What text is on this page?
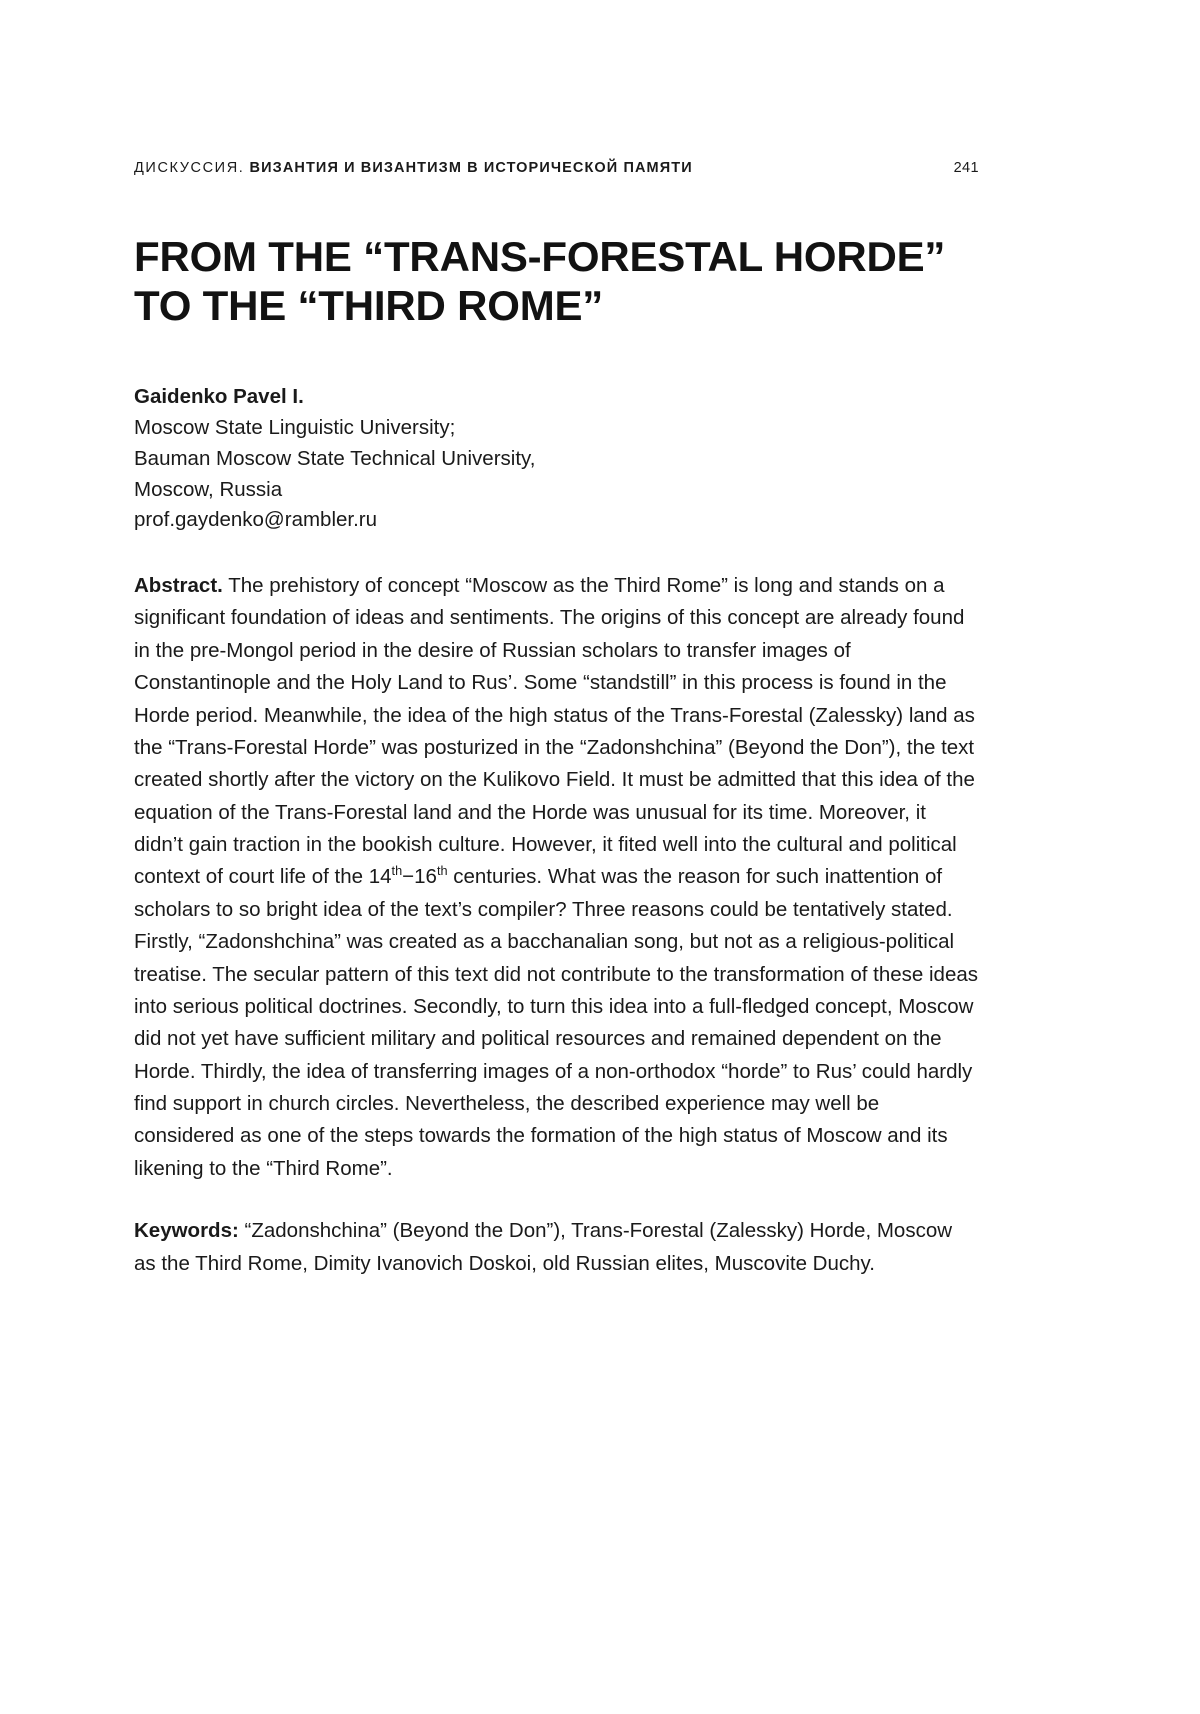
ДИСКУССИЯ. ВИЗАНТИЯ И ВИЗАНТИЗМ В ИСТОРИЧЕСКОЙ ПАМЯТИ	241
FROM THE “TRANS-FORESTAL HORDE”
TO THE “THIRD ROME”
Gaidenko Pavel I.
Moscow State Linguistic University;
Bauman Moscow State Technical University,
Moscow, Russia
prof.gaydenko@rambler.ru

Abstract. The prehistory of concept “Moscow as the Third Rome” is long and stands on a significant foundation of ideas and sentiments. The origins of this concept are already found in the pre-Mongol period in the desire of Russian scholars to transfer images of Constantinople and the Holy Land to Rus’. Some “standstill” in this process is found in the Horde period. Meanwhile, the idea of the high status of the Trans-Forestal (Zalessky) land as the “Trans-Forestal Horde” was posturized in the “Zadonshchina” (Beyond the Don”), the text created shortly after the victory on the Kulikovo Field. It must be admitted that this idea of the equation of the Trans-Forestal land and the Horde was unusual for its time. Moreover, it didn’t gain traction in the bookish culture. However, it fited well into the cultural and political context of court life of the 14th−16th centuries. What was the reason for such inattention of scholars to so bright idea of the text’s compiler? Three reasons could be tentatively stated. Firstly, “Zadonshchina” was created as a bacchanalian song, but not as a religious-political treatise. The secular pattern of this text did not contribute to the transformation of these ideas into serious political doctrines. Secondly, to turn this idea into a full-fledged concept, Moscow did not yet have sufficient military and political resources and remained dependent on the Horde. Thirdly, the idea of transferring images of a non-orthodox “horde” to Rus’ could hardly find support in church circles. Nevertheless, the described experience may well be considered as one of the steps towards the formation of the high status of Moscow and its likening to the “Third Rome”.

Keywords: “Zadonshchina” (Beyond the Don”), Trans-Forestal (Zalessky) Horde, Moscow as the Third Rome, Dimity Ivanovich Doskoi, old Russian elites, Muscovite Duchy.
